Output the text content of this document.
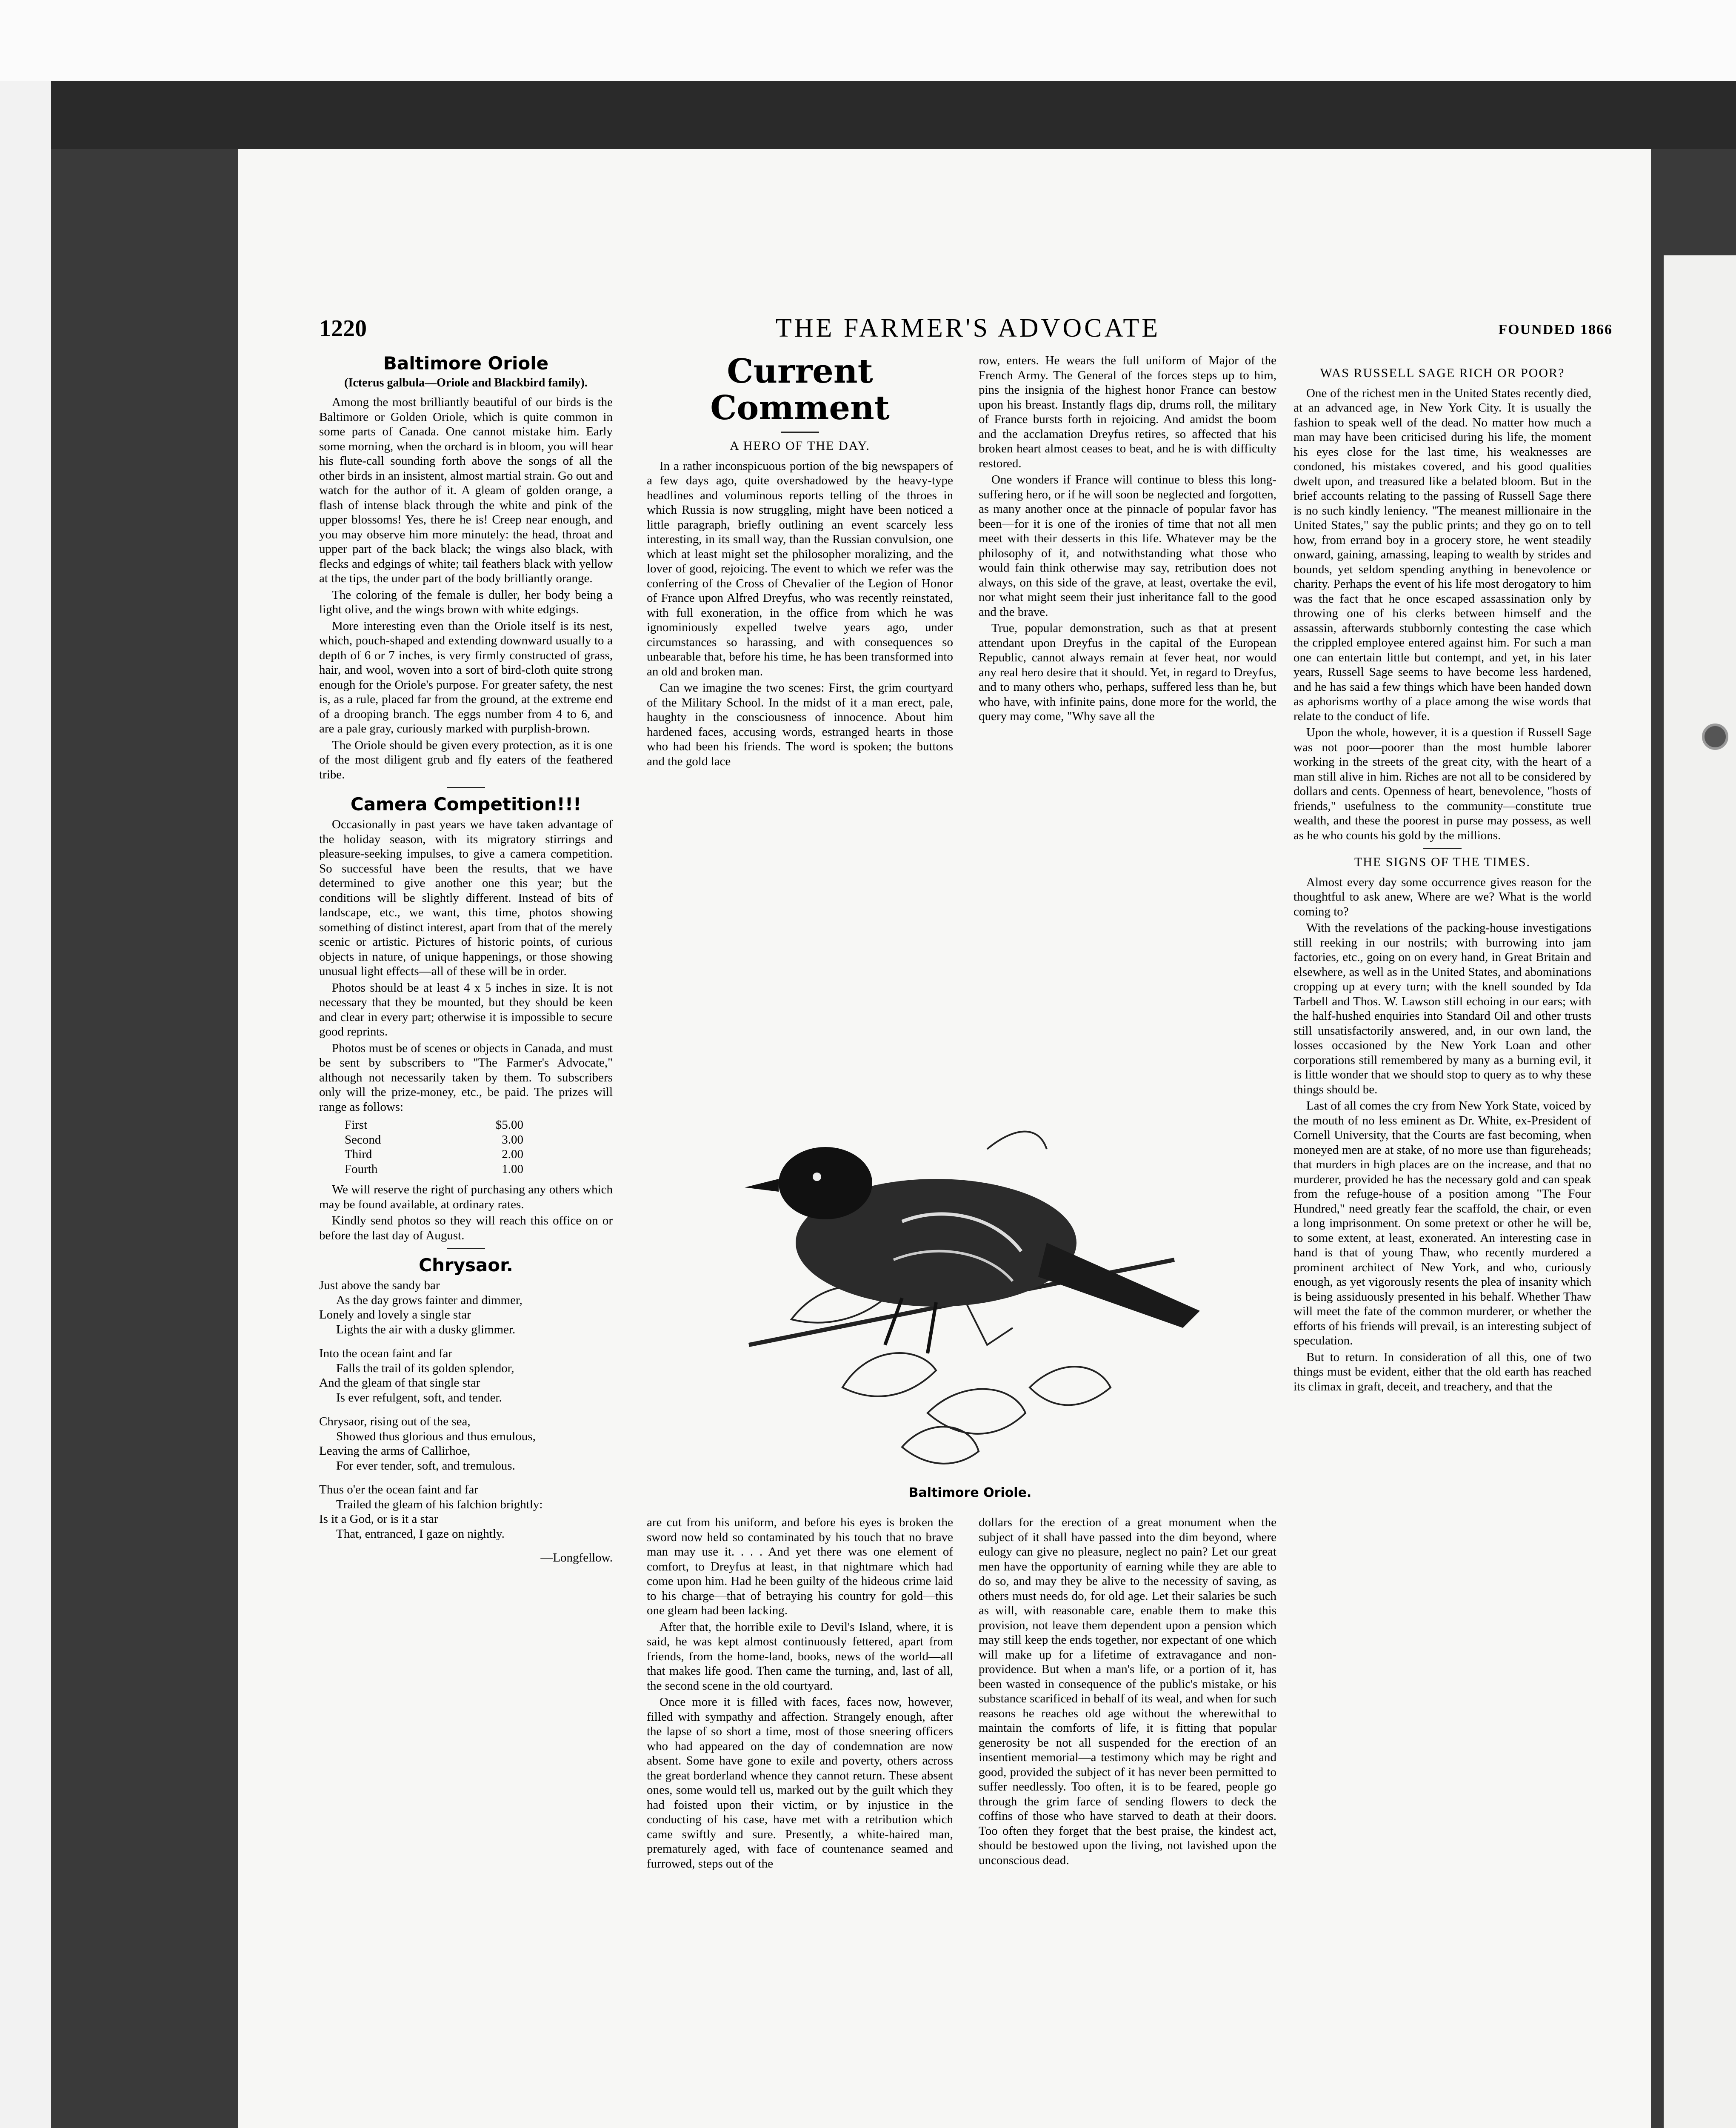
1220	THE FARMER'S ADVOCATE	FOUNDED 1866
Baltimore Oriole
(Icterus galbula—Oriole and Blackbird family).

Among the most brilliantly beautiful of our birds is the Baltimore or Golden Oriole, which is quite common in some parts of Canada. One cannot mistake him. Early some morning, when the orchard is in bloom, you will hear his flute-call sounding forth above the songs of all the other birds in an insistent, almost martial strain. Go out and watch for the author of it. A gleam of golden orange, a flash of intense black through the white and pink of the upper blossoms! Yes, there he is! Creep near enough, and you may observe him more minutely: the head, throat and upper part of the back black; the wings also black, with flecks and edgings of white; tail feathers black with yellow at the tips, the under part of the body brilliantly orange.

The coloring of the female is duller, her body being a light olive, and the wings brown with white edgings.

More interesting even than the Oriole itself is its nest, which, pouch-shaped and extending downward usually to a depth of 6 or 7 inches, is very firmly constructed of grass, hair, and wool, woven into a sort of bird-cloth quite strong enough for the Oriole's purpose. For greater safety, the nest is, as a rule, placed far from the ground, at the extreme end of a drooping branch. The eggs number from 4 to 6, and are a pale gray, curiously marked with purplish-brown.

The Oriole should be given every protection, as it is one of the most diligent grub and fly eaters of the feathered tribe.

Camera Competition!!!

Occasionally in past years we have taken advantage of the holiday season, with its migratory stirrings and pleasure-seeking impulses, to give a camera competition. So successful have been the results, that we have determined to give another one this year; but the conditions will be slightly different. Instead of bits of landscape, etc., we want, this time, photos showing something of distinct interest, apart from that of the merely scenic or artistic. Pictures of historic points, of curious objects in nature, of unique happenings, or those showing unusual light effects—all of these will be in order.

Photos should be at least 4 x 5 inches in size. It is not necessary that they be mounted, but they should be keen and clear in every part; otherwise it is impossible to secure good reprints.

Photos must be of scenes or objects in Canada, and must be sent by subscribers to "The Farmer's Advocate," although not necessarily taken by them. To subscribers only will the prize-money, etc., be paid. The prizes will range as follows:

First	$5.00
Second	3.00
Third	2.00
Fourth	1.00

We will reserve the right of purchasing any others which may be found available, at ordinary rates.

Kindly send photos so they will reach this office on or before the last day of August.

Chrysaor.
Just above the sandy bar
As the day grows fainter and dimmer,
Lonely and lovely a single star
Lights the air with a dusky glimmer.
Into the ocean faint and far
Falls the trail of its golden splendor,
And the gleam of that single star
Is ever refulgent, soft, and tender.
Chrysaor, rising out of the sea,
Showed thus glorious and thus emulous,
Leaving the arms of Callirhoe,
For ever tender, soft, and tremulous.
Thus o'er the ocean faint and far
Trailed the gleam of his falchion brightly:
Is it a God, or is it a star
That, entranced, I gaze on nightly.
—Longfellow.
Current Comment
A HERO OF THE DAY.

In a rather inconspicuous portion of the big newspapers of a few days ago, quite overshadowed by the heavy-type headlines and voluminous reports telling of the throes in which Russia is now struggling, might have been noticed a little paragraph, briefly outlining an event scarcely less interesting, in its small way, than the Russian convulsion, one which at least might set the philosopher moralizing, and the lover of good, rejoicing. The event to which we refer was the conferring of the Cross of Chevalier of the Legion of Honor of France upon Alfred Dreyfus, who was recently reinstated, with full exoneration, in the office from which he was ignominiously expelled twelve years ago, under circumstances so harassing, and with consequences so unbearable that, before his time, he has been transformed into an old and broken man.

Can we imagine the two scenes: First, the grim courtyard of the Military School. In the midst of it a man erect, pale, haughty in the consciousness of innocence. About him hardened faces, accusing words, estranged hearts in those who had been his friends. The word is spoken; the buttons and the gold lace

row, enters. He wears the full uniform of Major of the French Army. The General of the forces steps up to him, pins the insignia of the highest honor France can bestow upon his breast. Instantly flags dip, drums roll, the military of France bursts forth in rejoicing. And amidst the boom and the acclamation Dreyfus retires, so affected that his broken heart almost ceases to beat, and he is with difficulty restored.

One wonders if France will continue to bless this long-suffering hero, or if he will soon be neglected and forgotten, as many another once at the pinnacle of popular favor has been—for it is one of the ironies of time that not all men meet with their desserts in this life. Whatever may be the philosophy of it, and notwithstanding what those who would fain think otherwise may say, retribution does not always, on this side of the grave, at least, overtake the evil, nor what might seem their just inheritance fall to the good and the brave.

True, popular demonstration, such as that at present attendant upon Dreyfus in the capital of the European Republic, cannot always remain at fever heat, nor would any real hero desire that it should. Yet, in regard to Dreyfus, and to many others who, perhaps, suffered less than he, but who have, with infinite pains, done more for the world, the query may come, "Why save all the

Baltimore Oriole.

are cut from his uniform, and before his eyes is broken the sword now held so contaminated by his touch that no brave man may use it. . . . And yet there was one element of comfort, to Dreyfus at least, in that nightmare which had come upon him. Had he been guilty of the hideous crime laid to his charge—that of betraying his country for gold—this one gleam had been lacking.

After that, the horrible exile to Devil's Island, where, it is said, he was kept almost continuously fettered, apart from friends, from the home-land, books, news of the world—all that makes life good. Then came the turning, and, last of all, the second scene in the old courtyard.

Once more it is filled with faces, faces now, however, filled with sympathy and affection. Strangely enough, after the lapse of so short a time, most of those sneering officers who had appeared on the day of condemnation are now absent. Some have gone to exile and poverty, others across the great borderland whence they cannot return. These absent ones, some would tell us, marked out by the guilt which they had foisted upon their victim, or by injustice in the conducting of his case, have met with a retribution which came swiftly and sure. Presently, a white-haired man, prematurely aged, with face of countenance seamed and furrowed, steps out of the

dollars for the erection of a great monument when the subject of it shall have passed into the dim beyond, where eulogy can give no pleasure, neglect no pain? Let our great men have the opportunity of earning while they are able to do so, and may they be alive to the necessity of saving, as others must needs do, for old age. Let their salaries be such as will, with reasonable care, enable them to make this provision, not leave them dependent upon a pension which may still keep the ends together, nor expectant of one which will make up for a lifetime of extravagance and non-providence. But when a man's life, or a portion of it, has been wasted in consequence of the public's mistake, or his substance scarificed in behalf of its weal, and when for such reasons he reaches old age without the wherewithal to maintain the comforts of life, it is fitting that popular generosity be not all suspended for the erection of an insentient memorial—a testimony which may be right and good, provided the subject of it has never been permitted to suffer needlessly. Too often, it is to be feared, people go through the grim farce of sending flowers to deck the coffins of those who have starved to death at their doors. Too often they forget that the best praise, the kindest act, should be bestowed upon the living, not lavished upon the unconscious dead.

WAS RUSSELL SAGE RICH OR POOR?

One of the richest men in the United States recently died, at an advanced age, in New York City. It is usually the fashion to speak well of the dead. No matter how much a man may have been criticised during his life, the moment his eyes close for the last time, his weaknesses are condoned, his mistakes covered, and his good qualities dwelt upon, and treasured like a belated bloom. But in the brief accounts relating to the passing of Russell Sage there is no such kindly leniency. "The meanest millionaire in the United States," say the public prints; and they go on to tell how, from errand boy in a grocery store, he went steadily onward, gaining, amassing, leaping to wealth by strides and bounds, yet seldom spending anything in benevolence or charity. Perhaps the event of his life most derogatory to him was the fact that he once escaped assassination only by throwing one of his clerks between himself and the assassin, afterwards stubbornly contesting the case which the crippled employee entered against him. For such a man one can entertain little but contempt, and yet, in his later years, Russell Sage seems to have become less hardened, and he has said a few things which have been handed down as aphorisms worthy of a place among the wise words that relate to the conduct of life.

Upon the whole, however, it is a question if Russell Sage was not poor—poorer than the most humble laborer working in the streets of the great city, with the heart of a man still alive in him. Riches are not all to be considered by dollars and cents. Openness of heart, benevolence, "hosts of friends," usefulness to the community—constitute true wealth, and these the poorest in purse may possess, as well as he who counts his gold by the millions.

THE SIGNS OF THE TIMES.

Almost every day some occurrence gives reason for the thoughtful to ask anew, Where are we? What is the world coming to?

With the revelations of the packing-house investigations still reeking in our nostrils; with burrowing into jam factories, etc., going on on every hand, in Great Britain and elsewhere, as well as in the United States, and abominations cropping up at every turn; with the knell sounded by Ida Tarbell and Thos. W. Lawson still echoing in our ears; with the half-hushed enquiries into Standard Oil and other trusts still unsatisfactorily answered, and, in our own land, the losses occasioned by the New York Loan and other corporations still remembered by many as a burning evil, it is little wonder that we should stop to query as to why these things should be.

Last of all comes the cry from New York State, voiced by the mouth of no less eminent as Dr. White, ex-President of Cornell University, that the Courts are fast becoming, when moneyed men are at stake, of no more use than figureheads; that murders in high places are on the increase, and that no murderer, provided he has the necessary gold and can speak from the refuge-house of a position among "The Four Hundred," need greatly fear the scaffold, the chair, or even a long imprisonment. On some pretext or other he will be, to some extent, at least, exonerated. An interesting case in hand is that of young Thaw, who recently murdered a prominent architect of New York, and who, curiously enough, as yet vigorously resents the plea of insanity which is being assiduously presented in his behalf. Whether Thaw will meet the fate of the common murderer, or whether the efforts of his friends will prevail, is an interesting subject of speculation.

But to return. In consideration of all this, one of two things must be evident, either that the old earth has reached its climax in graft, deceit, and treachery, and that the
